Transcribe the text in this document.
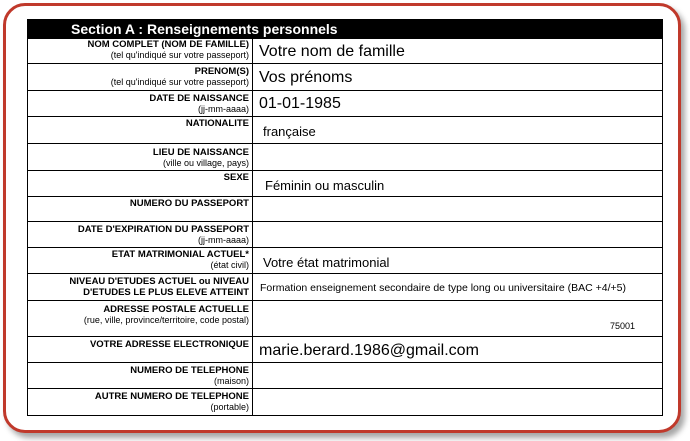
Section A : Renseignements personnels
NOM COMPLET (NOM DE FAMILLE)
(tel qu'indiqué sur votre passeport) Votre nom de famille
PRENOM(S)
(tel qu'indiqué sur votre passeport) Vos prénoms
DATE DE NAISSANCE
(jj-mm-aaaa) 01-01-1985
NATIONALITE
française
LIEU DE NAISSANCE
(ville ou village, pays)
SEXE
Féminin ou masculin
NUMERO DU PASSEPORT
DATE D'EXPIRATION DU PASSEPORT
(jj-mm-aaaa)
ETAT MATRIMONIAL ACTUEL*
(état civil) Votre état matrimonial
NIVEAU D'ETUDES ACTUEL ou NIVEAU
D'ETUDES LE PLUS ELEVE ATTEINT Formation enseignement secondaire de type long ou universitaire (BAC +4/+5)
ADRESSE POSTALE ACTUELLE
(rue, ville, province/territoire, code postal)
75001
VOTRE ADRESSE ELECTRONIQUE marie.berard.1986@gmail.com
NUMERO DE TELEPHONE
(maison)
AUTRE NUMERO DE TELEPHONE
(portable)
